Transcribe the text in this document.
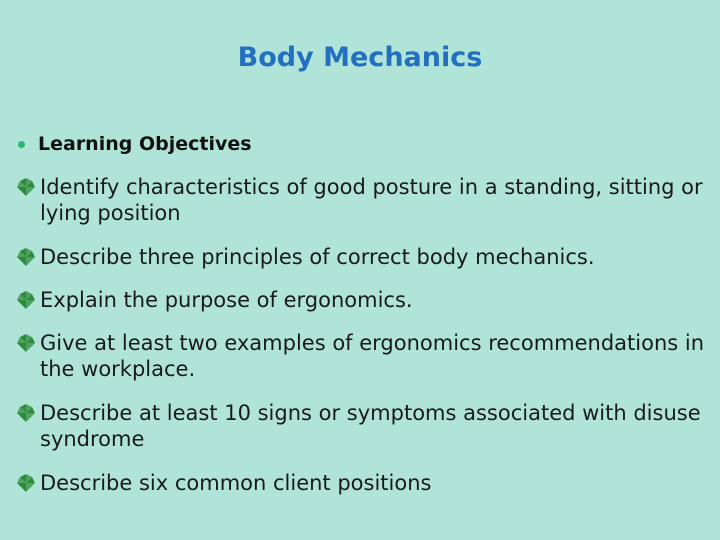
Body Mechanics
Learning Objectives
Identify characteristics of good posture in a standing, sitting or lying position
Describe three principles of correct body mechanics.
Explain the purpose of ergonomics.
Give at least two examples of ergonomics recommendations in the workplace.
Describe at least 10 signs or symptoms associated with disuse syndrome
Describe six common client positions
